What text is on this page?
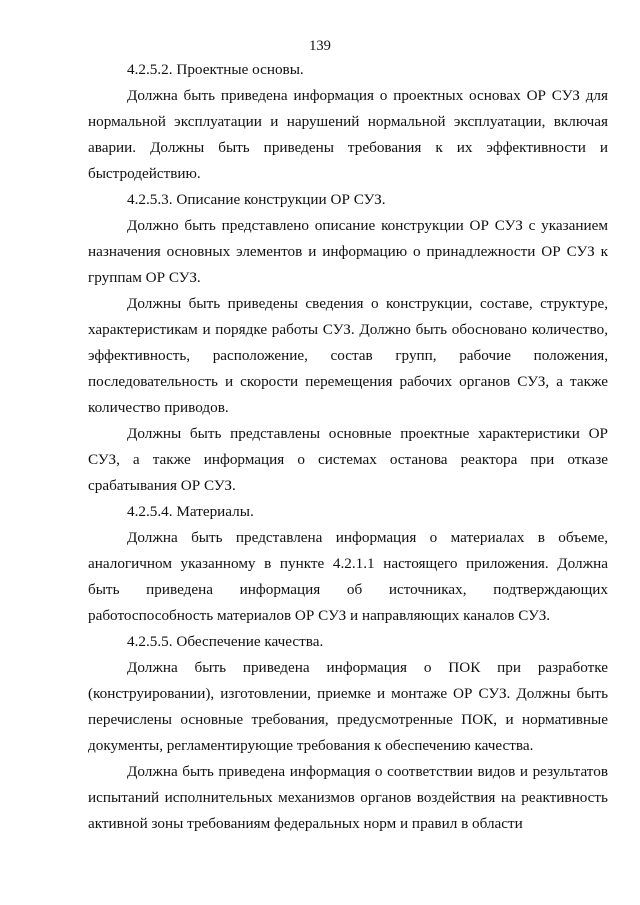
139

4.2.5.2. Проектные основы.

Должна быть приведена информация о проектных основах ОР СУЗ для нормальной эксплуатации и нарушений нормальной эксплуатации, включая аварии. Должны быть приведены требования к их эффективности и быстродействию.

4.2.5.3. Описание конструкции ОР СУЗ.

Должно быть представлено описание конструкции ОР СУЗ с указанием назначения основных элементов и информацию о принадлежности ОР СУЗ к группам ОР СУЗ.

Должны быть приведены сведения о конструкции, составе, структуре, характеристикам и порядке работы СУЗ. Должно быть обосновано количество, эффективность, расположение, состав групп, рабочие положения, последовательность и скорости перемещения рабочих органов СУЗ, а также количество приводов.

Должны быть представлены основные проектные характеристики ОР СУЗ, а также информация о системах останова реактора при отказе срабатывания ОР СУЗ.

4.2.5.4. Материалы.

Должна быть представлена информация о материалах в объеме, аналогичном указанному в пункте 4.2.1.1 настоящего приложения. Должна быть приведена информация об источниках, подтверждающих работоспособность материалов ОР СУЗ и направляющих каналов СУЗ.

4.2.5.5. Обеспечение качества.

Должна быть приведена информация о ПОК при разработке (конструировании), изготовлении, приемке и монтаже ОР СУЗ. Должны быть перечислены основные требования, предусмотренные ПОК, и нормативные документы, регламентирующие требования к обеспечению качества.

Должна быть приведена информация о соответствии видов и результатов испытаний исполнительных механизмов органов воздействия на реактивность активной зоны требованиям федеральных норм и правил в области
